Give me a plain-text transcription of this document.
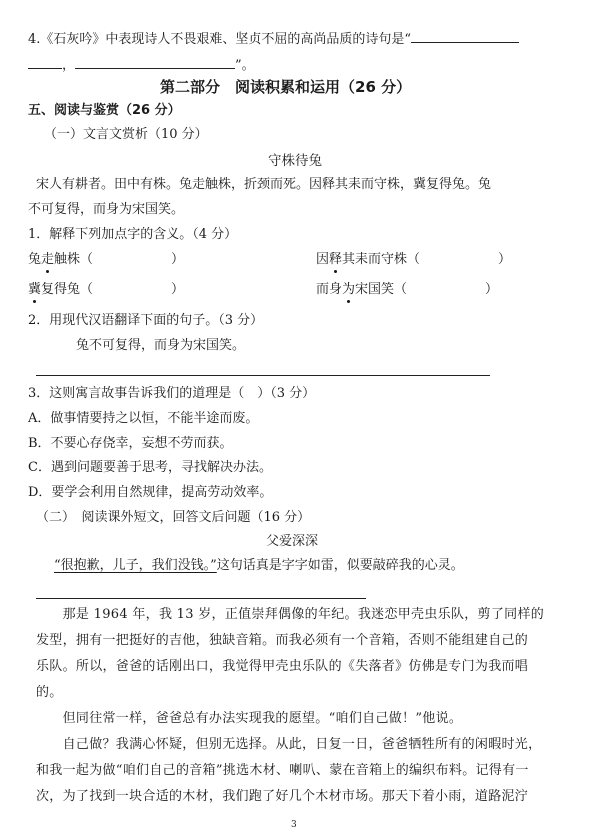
4.《石灰吟》中表现诗人不畏艰难、坚贞不屈的高尚品质的诗句是“
，	”。
第二部分　阅读积累和运用（26 分）
五、阅读与鉴赏（26 分）
（一）文言文赏析（10 分）
守株待兔
宋人有耕者。田中有株。兔走触株，折颈而死。因释其耒而守株，冀复得兔。兔
不可复得，而身为宋国笑。
1．解释下列加点字的含义。（4 分）
兔走触株（　　　　　　）	因释其耒而守株（　　　　　　）
冀复得兔（　　　　　　）	而身为宋国笑（　　　　　　）
2．用现代汉语翻译下面的句子。（3 分）
兔不可复得，而身为宋国笑。
3．这则寓言故事告诉我们的道理是（　）（3 分）
A．做事情要持之以恒，不能半途而废。
B．不要心存侥幸，妄想不劳而获。
C．遇到问题要善于思考，寻找解决办法。
D．要学会利用自然规律，提高劳动效率。
（二）　阅读课外短文，回答文后问题（16 分）
父爱深深
“很抱歉，儿子，我们没钱。”这句话真是字字如雷，似要敲碎我的心灵。
　　那是 1964 年，我 13 岁，正值崇拜偶像的年纪。我迷恋甲壳虫乐队，剪了同样的
发型，拥有一把挺好的吉他，独缺音箱。而我必须有一个音箱，否则不能组建自己的
乐队。所以，爸爸的话刚出口，我觉得甲壳虫乐队的《失落者》仿佛是专门为我而唱
的。
　　但同往常一样，爸爸总有办法实现我的愿望。“咱们自己做！”他说。
　　自己做？我满心怀疑，但别无选择。从此，日复一日，爸爸牺牲所有的闲暇时光，
和我一起为做“咱们自己的音箱”挑选木材、喇叭、蒙在音箱上的编织布料。记得有一
次，为了找到一块合适的木材，我们跑了好几个木材市场。那天下着小雨，道路泥泞
3
